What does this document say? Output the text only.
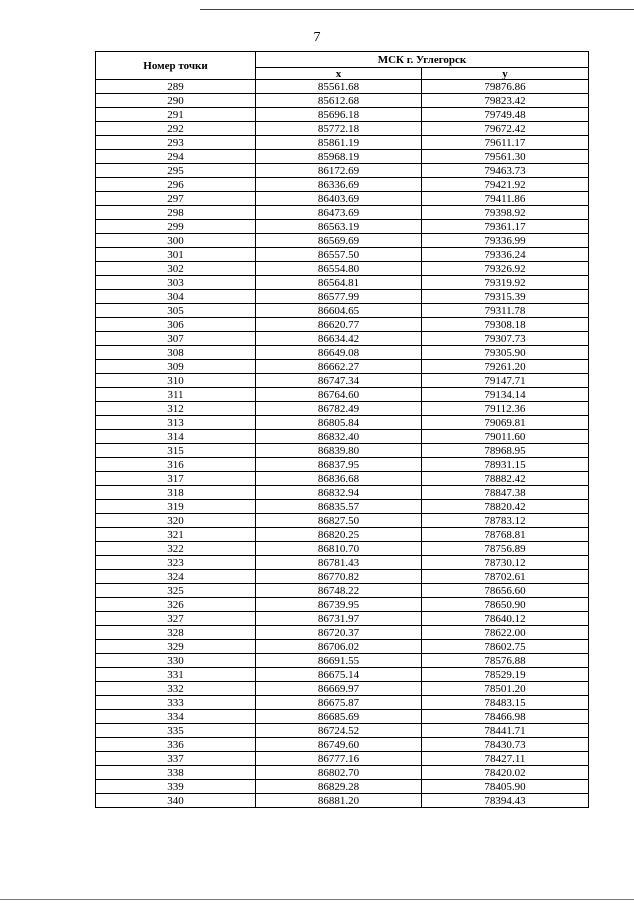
7
Номер точки	МСК г. Углегорск	
	x	y
289	85561.68	79876.86
290	85612.68	79823.42
291	85696.18	79749.48
292	85772.18	79672.42
293	85861.19	79611.17
294	85968.19	79561.30
295	86172.69	79463.73
296	86336.69	79421.92
297	86403.69	79411.86
298	86473.69	79398.92
299	86563.19	79361.17
300	86569.69	79336.99
301	86557.50	79336.24
302	86554.80	79326.92
303	86564.81	79319.92
304	86577.99	79315.39
305	86604.65	79311.78
306	86620.77	79308.18
307	86634.42	79307.73
308	86649.08	79305.90
309	86662.27	79261.20
310	86747.34	79147.71
311	86764.60	79134.14
312	86782.49	79112.36
313	86805.84	79069.81
314	86832.40	79011.60
315	86839.80	78968.95
316	86837.95	78931.15
317	86836.68	78882.42
318	86832.94	78847.38
319	86835.57	78820.42
320	86827.50	78783.12
321	86820.25	78768.81
322	86810.70	78756.89
323	86781.43	78730.12
324	86770.82	78702.61
325	86748.22	78656.60
326	86739.95	78650.90
327	86731.97	78640.12
328	86720.37	78622.00
329	86706.02	78602.75
330	86691.55	78576.88
331	86675.14	78529.19
332	86669.97	78501.20
333	86675.87	78483.15
334	86685.69	78466.98
335	86724.52	78441.71
336	86749.60	78430.73
337	86777.16	78427.11
338	86802.70	78420.02
339	86829.28	78405.90
340	86881.20	78394.43
